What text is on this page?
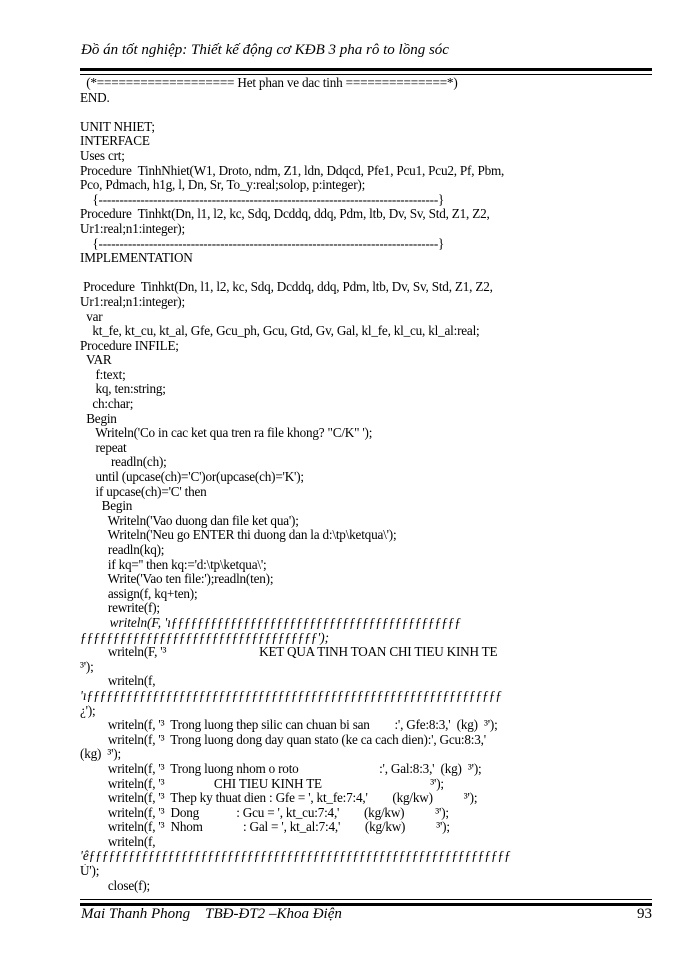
Đồ án tốt nghiệp: Thiết kế động cơ KĐB 3 pha rô to lồng sóc
(*=================== Het phan ve dac tinh ==============*)
END.
UNIT NHIET;
INTERFACE
Uses crt;
Procedure  TinhNhiet(W1, Droto, ndm, Z1, ldn, Ddqcd, Pfe1, Pcu1, Pcu2, Pf, Pbm,
Pco, Pdmach, h1g, l, Dn, Sr, To_y:real;solop, p:integer);
{---------------------------------------------------------------------------------}
Procedure  Tinhkt(Dn, l1, l2, kc, Sdq, Dcddq, ddq, Pdm, ltb, Dv, Sv, Std, Z1, Z2,
Ur1:real;n1:integer);
{---------------------------------------------------------------------------------}
IMPLEMENTATION
Procedure  Tinhkt(Dn, l1, l2, kc, Sdq, Dcddq, ddq, Pdm, ltb, Dv, Sv, Std, Z1, Z2,
Ur1:real;n1:integer);
var
kt_fe, kt_cu, kt_al, Gfe, Gcu_ph, Gcu, Gtd, Gv, Gal, kl_fe, kl_cu, kl_al:real;
Procedure INFILE;
VAR
f:text;
kq, ten:string;
ch:char;
Begin
Writeln('Co in cac ket qua tren ra file khong? "C/K" ');
repeat
readln(ch);
until (upcase(ch)='C')or(upcase(ch)='K');
if upcase(ch)='C' then
Begin
Writeln('Vao duong dan file ket qua');
Writeln('Neu go ENTER thi duong dan la d:\tp\ketqua\');
readln(kq);
if kq='' then kq:='d:\tp\ketqua\';
Write('Vao ten file:');readln(ten);
assign(f, kq+ten);
rewrite(f);
writeln(F, 'ıƒƒƒƒƒƒƒƒƒƒƒƒƒƒƒƒƒƒƒƒƒƒƒƒƒƒƒƒƒƒƒƒƒƒƒƒƒƒƒƒƒƒƒƒ
ƒƒƒƒƒƒƒƒƒƒƒƒƒƒƒƒƒƒƒƒƒƒƒƒƒƒƒƒƒƒƒƒƒƒƒƒ');
writeln(F, '³                              KET QUA TINH TOAN CHI TIEU KINH TE
³');
writeln(f,
'ıƒƒƒƒƒƒƒƒƒƒƒƒƒƒƒƒƒƒƒƒƒƒƒƒƒƒƒƒƒƒƒƒƒƒƒƒƒƒƒƒƒƒƒƒƒƒƒƒƒƒƒƒƒƒƒƒƒƒƒƒƒƒƒ
¿');
writeln(f, '³  Trong luong thep silic can chuan bi san        :', Gfe:8:3,'  (kg)  ³');
writeln(f, '³  Trong luong dong day quan stato (ke ca cach dien):', Gcu:8:3,'
(kg)  ³');
writeln(f, '³  Trong luong nhom o roto                          :', Gal:8:3,'  (kg)  ³');
writeln(f, '³                CHI TIEU KINH TE                                   ³');
writeln(f, '³  Thep ky thuat dien : Gfe = ', kt_fe:7:4,'        (kg/kw)          ³');
writeln(f, '³  Dong            : Gcu = ', kt_cu:7:4,'        (kg/kw)          ³');
writeln(f, '³  Nhom             : Gal = ', kt_al:7:4,'        (kg/kw)          ³');
writeln(f,
'êƒƒƒƒƒƒƒƒƒƒƒƒƒƒƒƒƒƒƒƒƒƒƒƒƒƒƒƒƒƒƒƒƒƒƒƒƒƒƒƒƒƒƒƒƒƒƒƒƒƒƒƒƒƒƒƒƒƒƒƒƒƒƒƒ
Ù');
close(f);
Mai Thanh Phong TBĐ-ĐT2 –Khoa Điện	93
